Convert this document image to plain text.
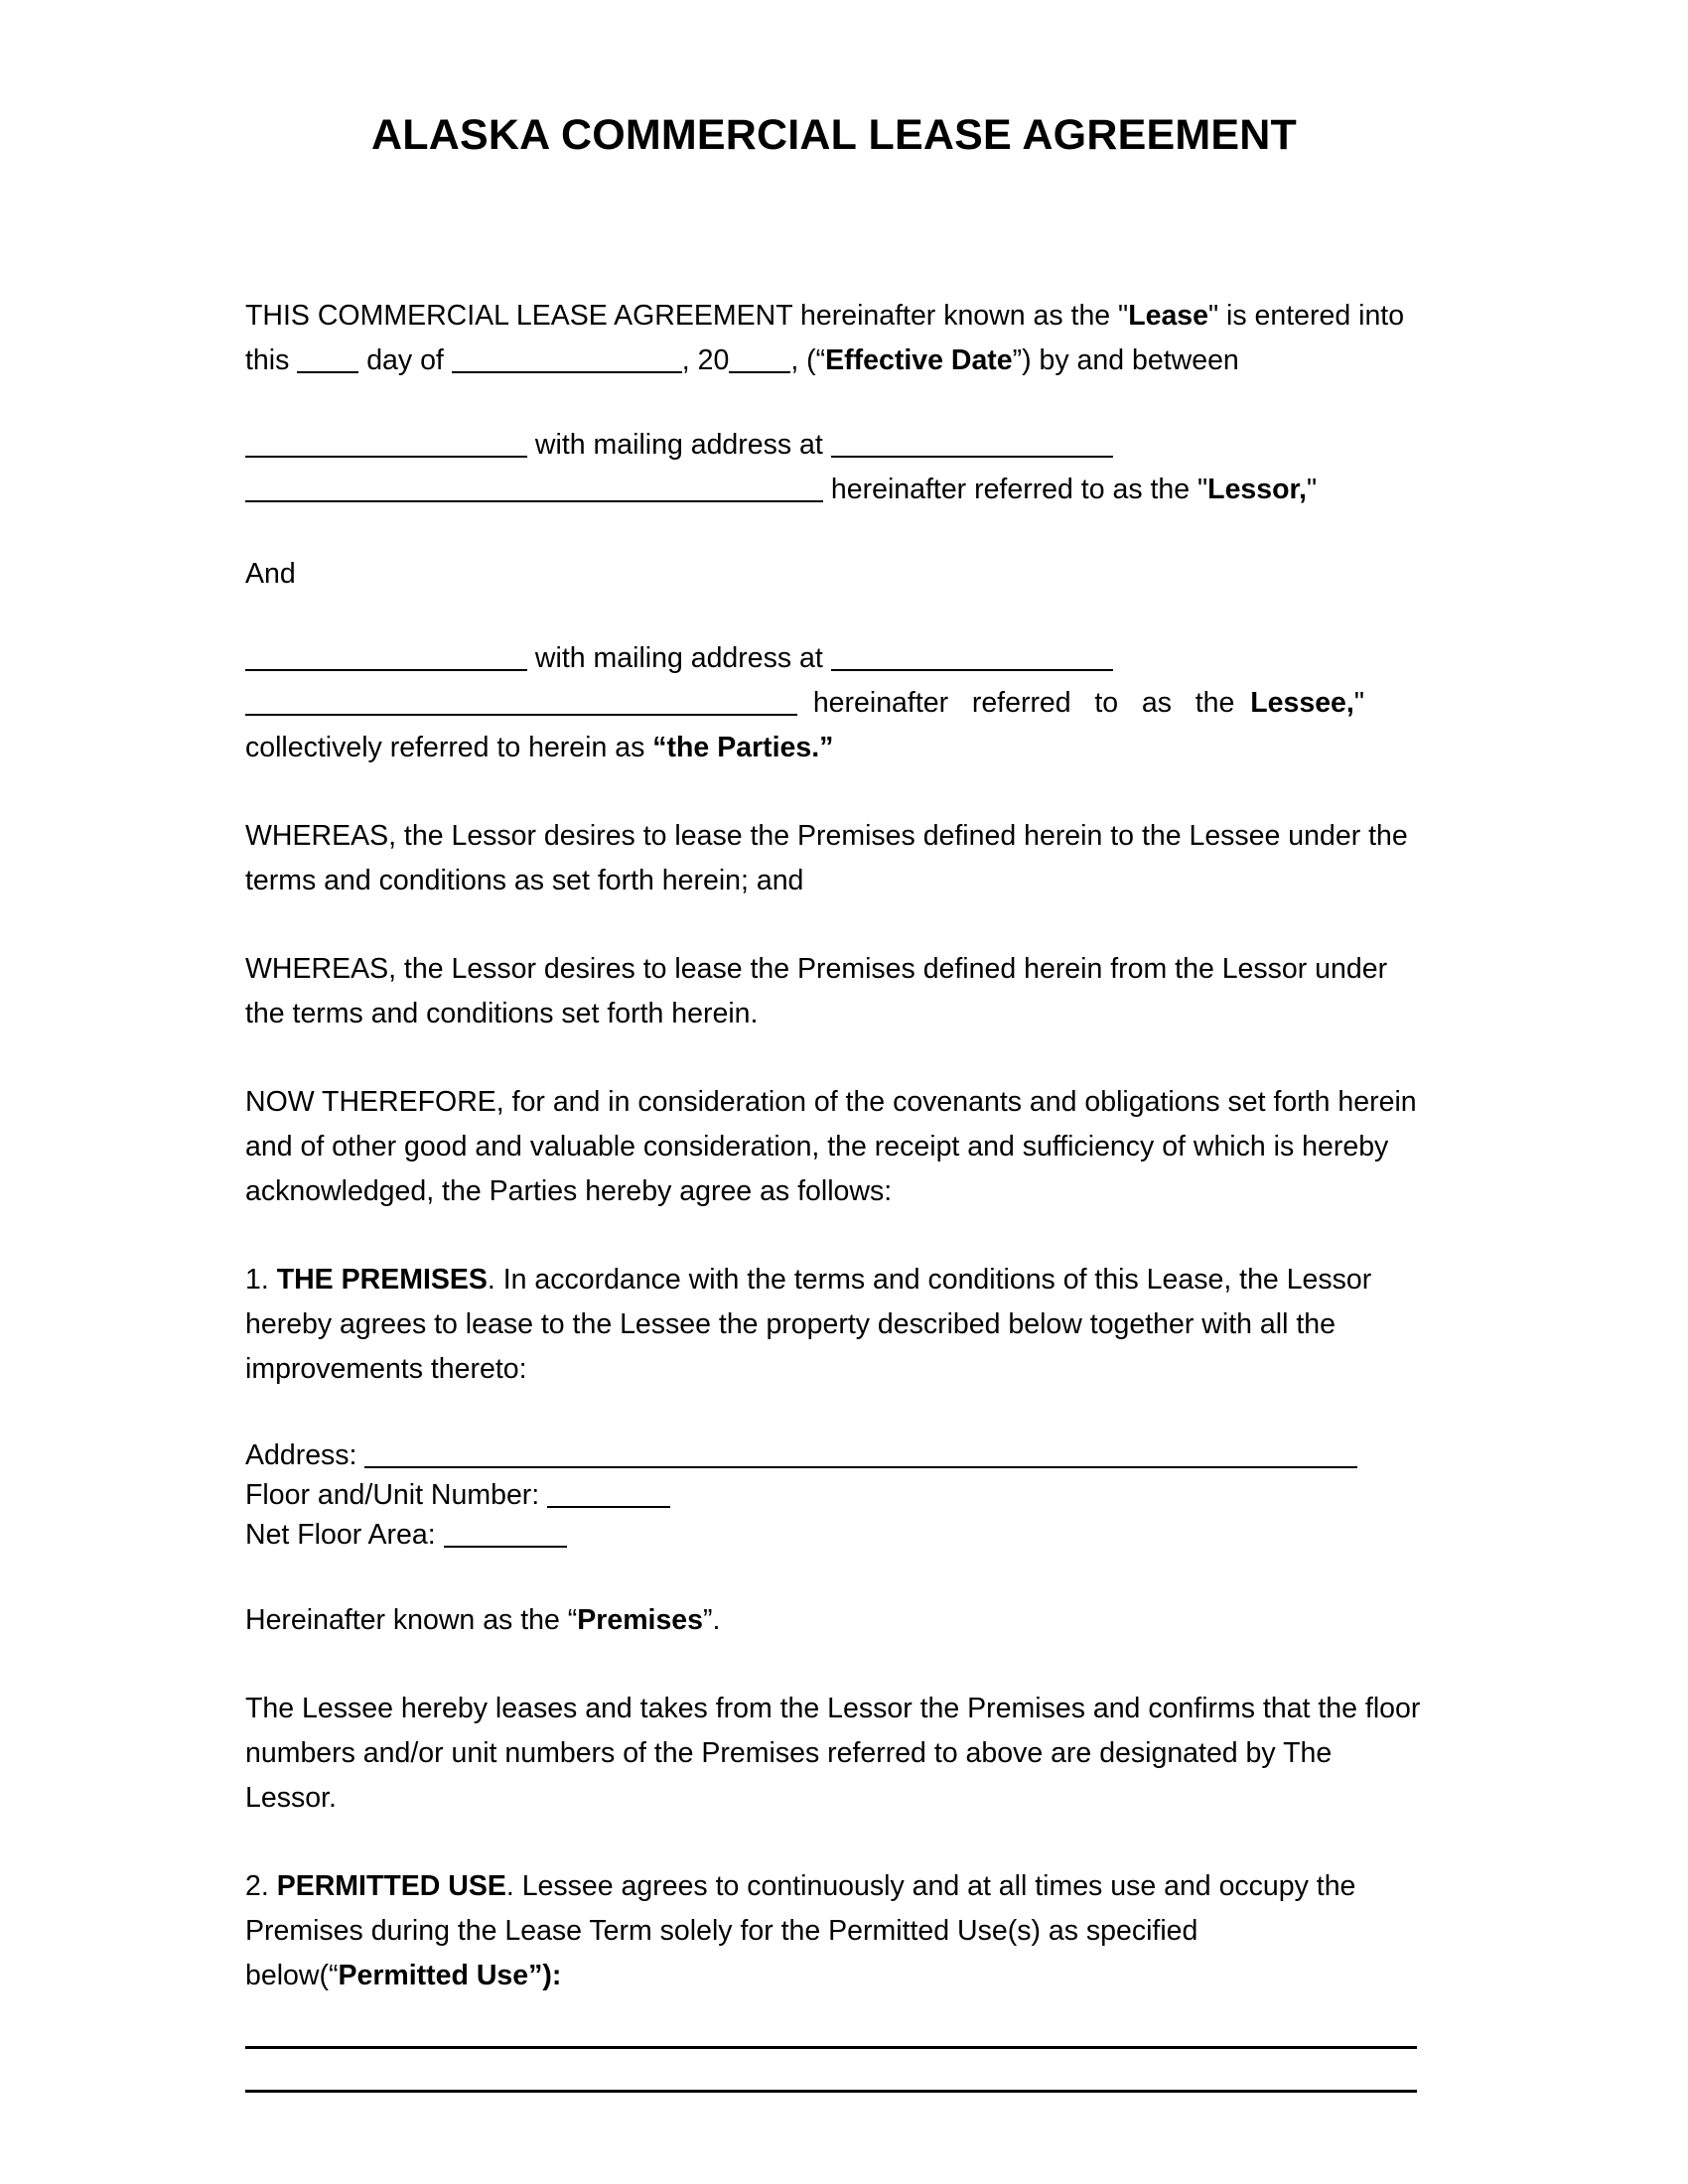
ALASKA COMMERCIAL LEASE AGREEMENT

THIS COMMERCIAL LEASE AGREEMENT hereinafter known as the "Lease" is entered into this  day of	, 20 , (“Effective Date”) by and between

with mailing address at  hereinafter referred to as the "Lessor,"

And

with mailing address at   hereinafter   referred   to   as   the  Lessee," collectively referred to herein as “the Parties.”

WHEREAS, the Lessor desires to lease the Premises defined herein to the Lessee under the terms and conditions as set forth herein; and

WHEREAS, the Lessor desires to lease the Premises defined herein from the Lessor under the terms and conditions set forth herein.

NOW THEREFORE, for and in consideration of the covenants and obligations set forth herein and of other good and valuable consideration, the receipt and sufficiency of which is hereby acknowledged, the Parties hereby agree as follows:

1. THE PREMISES. In accordance with the terms and conditions of this Lease, the Lessor hereby agrees to lease to the Lessee the property described below together with all the improvements thereto:

Address:
Floor and/Unit Number:
Net Floor Area:

Hereinafter known as the “Premises”.

The Lessee hereby leases and takes from the Lessor the Premises and confirms that the floor numbers and/or unit numbers of the Premises referred to above are designated by The Lessor.

2. PERMITTED USE. Lessee agrees to continuously and at all times use and occupy the Premises during the Lease Term solely for the Permitted Use(s) as specified below(“Permitted Use”):
